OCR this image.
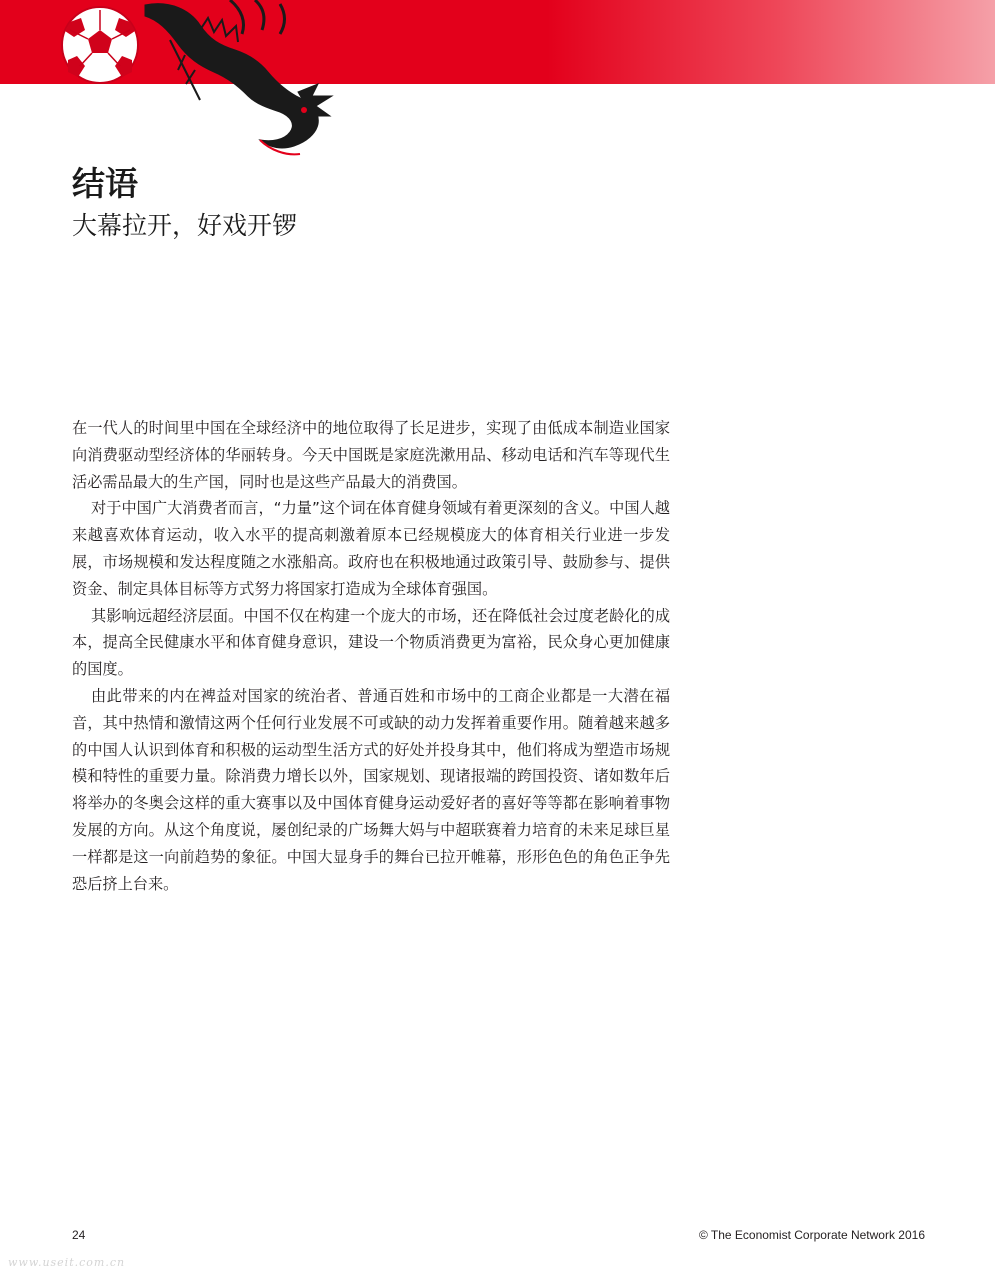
结语
大幕拉开，好戏开锣

在一代人的时间里中国在全球经济中的地位取得了长足进步，实现了由低成本制造业国家向消费驱动型经济体的华丽转身。今天中国既是家庭洗漱用品、移动电话和汽车等现代生活必需品最大的生产国，同时也是这些产品最大的消费国。

对于中国广大消费者而言，“力量”这个词在体育健身领域有着更深刻的含义。中国人越来越喜欢体育运动，收入水平的提高刺激着原本已经规模庞大的体育相关行业进一步发展，市场规模和发达程度随之水涨船高。政府也在积极地通过政策引导、鼓励参与、提供资金、制定具体目标等方式努力将国家打造成为全球体育强国。

其影响远超经济层面。中国不仅在构建一个庞大的市场，还在降低社会过度老龄化的成本，提高全民健康水平和体育健身意识，建设一个物质消费更为富裕，民众身心更加健康的国度。

由此带来的内在裨益对国家的统治者、普通百姓和市场中的工商企业都是一大潜在福音，其中热情和激情这两个任何行业发展不可或缺的动力发挥着重要作用。随着越来越多的中国人认识到体育和积极的运动型生活方式的好处并投身其中，他们将成为塑造市场规模和特性的重要力量。除消费力增长以外，国家规划、现诸报端的跨国投资、诸如数年后将举办的冬奥会这样的重大赛事以及中国体育健身运动爱好者的喜好等等都在影响着事物发展的方向。从这个角度说，屡创纪录的广场舞大妈与中超联赛着力培育的未来足球巨星一样都是这一向前趋势的象征。中国大显身手的舞台已拉开帷幕，形形色色的角色正争先恐后挤上台来。

24	© The Economist Corporate Network 2016
www.useit.com.cn
